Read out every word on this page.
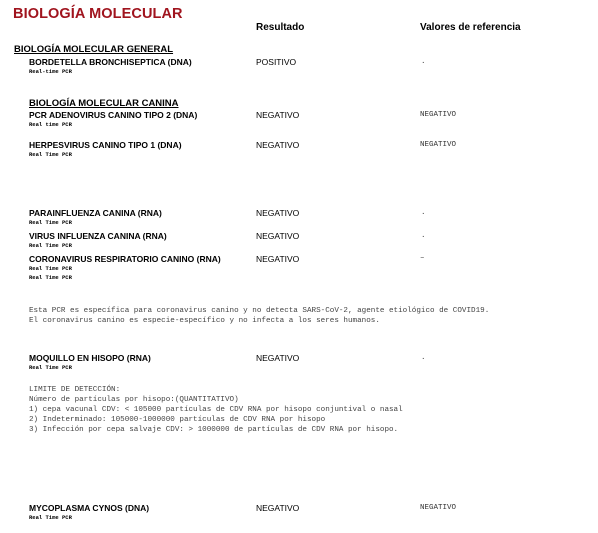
BIOLOGÍA MOLECULAR
Resultado	Valores de referencia
BIOLOGÍA MOLECULAR GENERAL
BORDETELLA BRONCHISEPTICA (DNA)
Real-time PCR
POSITIVO	.
BIOLOGÍA MOLECULAR CANINA
PCR ADENOVIRUS CANINO TIPO 2 (DNA)
Real time PCR
NEGATIVO	NEGATIVO
HERPESVIRUS CANINO TIPO 1 (DNA)
Real Time PCR
NEGATIVO	NEGATIVO
PARAINFLUENZA CANINA (RNA)
Real Time PCR
NEGATIVO	.
VIRUS INFLUENZA CANINA (RNA)
Real Time PCR
NEGATIVO	.
CORONAVIRUS RESPIRATORIO CANINO (RNA)
Real Time PCR
NEGATIVO	–
Real Time PCR
Esta PCR es específica para coronavirus canino y no detecta SARS-CoV-2, agente etiológico de COVID19.
El coronavirus canino es especie-específico y no infecta a los seres humanos.
MOQUILLO EN HISOPO (RNA)
Real Time PCR
NEGATIVO	.
LIMITE DE DETECCIÓN:
Número de partículas por hisopo:(QUANTITATIVO)
1) cepa vacunal CDV: < 105000 partículas de CDV RNA por hisopo conjuntival o nasal
2) Indeterminado: 105000-1000000 partículas de CDV RNA por hisopo
3) Infección por cepa salvaje CDV: > 1000000 de partículas de CDV RNA por hisopo.
MYCOPLASMA CYNOS (DNA)
Real Time PCR
NEGATIVO	NEGATIVO
